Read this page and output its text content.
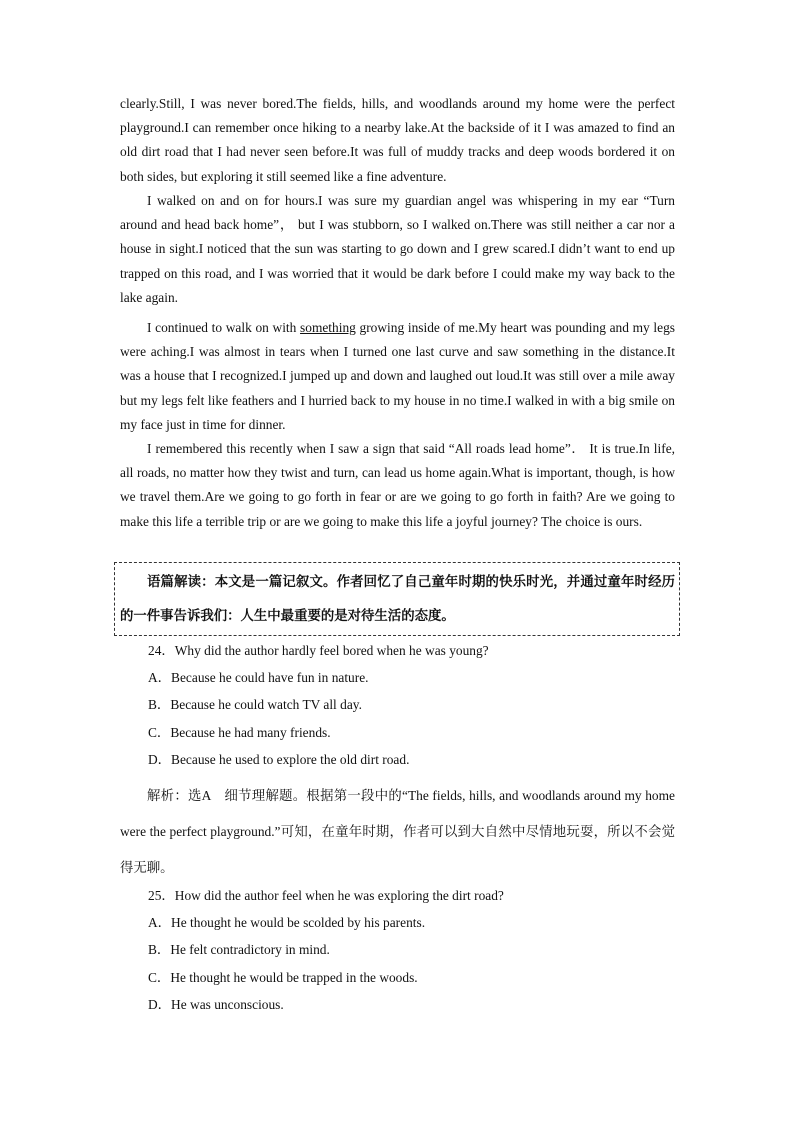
clearly.Still, I was never bored.The fields, hills, and woodlands around my home were the perfect playground.I can remember once hiking to a nearby lake.At the backside of it I was amazed to find an old dirt road that I had never seen before.It was full of muddy tracks and deep woods bordered it on both sides, but exploring it still seemed like a fine adventure.

I walked on and on for hours.I was sure my guardian angel was whispering in my ear “Turn around and head back home”， but I was stubborn, so I walked on.There was still neither a car nor a house in sight.I noticed that the sun was starting to go down and I grew scared.I didn’t want to end up trapped on this road, and I was worried that it would be dark before I could make my way back to the lake again.

I continued to walk on with something growing inside of me.My heart was pounding and my legs were aching.I was almost in tears when I turned one last curve and saw something in the distance.It was a house that I recognized.I jumped up and down and laughed out loud.It was still over a mile away but my legs felt like feathers and I hurried back to my house in no time.I walked in with a big smile on my face just in time for dinner.

I remembered this recently when I saw a sign that said “All roads lead home”． It is true.In life, all roads, no matter how they twist and turn, can lead us home again.What is important, though, is how we travel them.Are we going to go forth in fear or are we going to go forth in faith? Are we going to make this life a terrible trip or are we going to make this life a joyful journey? The choice is ours.

语篇解读：本文是一篇记叙文。作者回忆了自己童年时期的快乐时光，并通过童年时经历的一件事告诉我们：人生中最重要的是对待生活的态度。

24．Why did the author hardly feel bored when he was young?

A．Because he could have fun in nature.

B．Because he could watch TV all day.

C．Because he had many friends.

D．Because he used to explore the old dirt road.

解析：选A　细节理解题。根据第一段中的“The fields, hills, and woodlands around my home were the perfect playground.”可知，在童年时期，作者可以到大自然中尽情地玩耍，所以不会觉得无聊。

25．How did the author feel when he was exploring the dirt road?

A．He thought he would be scolded by his parents.

B．He felt contradictory in mind.

C．He thought he would be trapped in the woods.

D．He was unconscious.
